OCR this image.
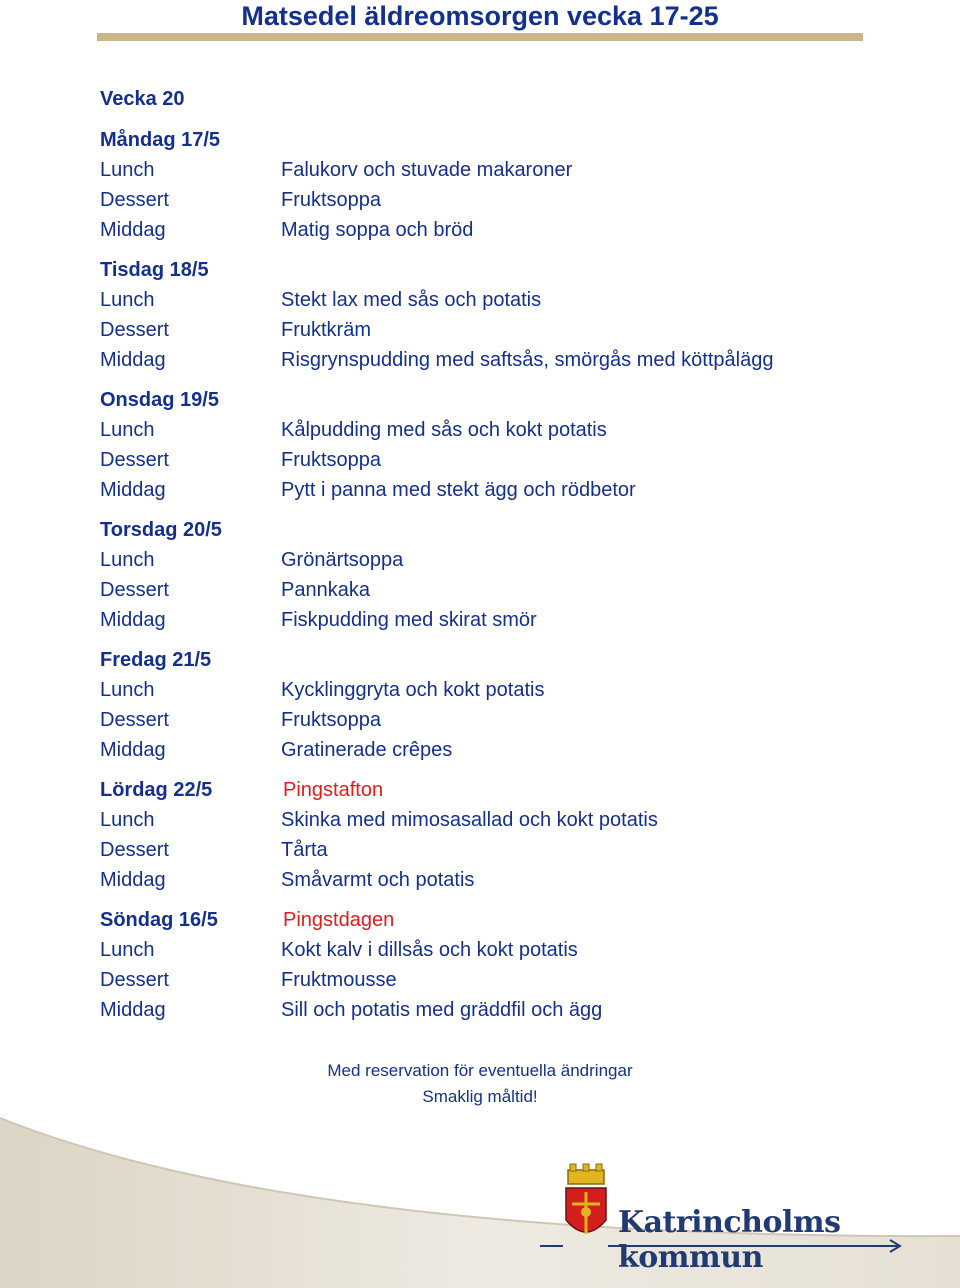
Matsedel äldreomsorgen vecka 17-25
Vecka 20
Måndag 17/5
Lunch	Falukorv och stuvade makaroner
Dessert	Fruktsoppa
Middag	Matig soppa och bröd
Tisdag 18/5
Lunch	Stekt lax med sås och potatis
Dessert	Fruktkräm
Middag	Risgrynspudding med saftsås, smörgås med köttpålägg
Onsdag 19/5
Lunch	Kålpudding med sås och kokt potatis
Dessert	Fruktsoppa
Middag	Pytt i panna med stekt ägg och rödbetor
Torsdag 20/5
Lunch	Grönärtsoppa
Dessert	Pannkaka
Middag	Fiskpudding med skirat smör
Fredag 21/5
Lunch	Kycklinggryta och kokt potatis
Dessert	Fruktsoppa
Middag	Gratinerade crêpes
Lördag 22/5	Pingstafton
Lunch	Skinka med mimosasallad och kokt potatis
Dessert	Tårta
Middag	Småvarmt och potatis
Söndag 16/5	Pingstdagen
Lunch	Kokt kalv i dillsås och kokt potatis
Dessert	Fruktmousse
Middag	Sill och potatis med gräddfil och ägg
Med reservation för eventuella ändringar
Smaklig måltid!
Katrincholms kommun
